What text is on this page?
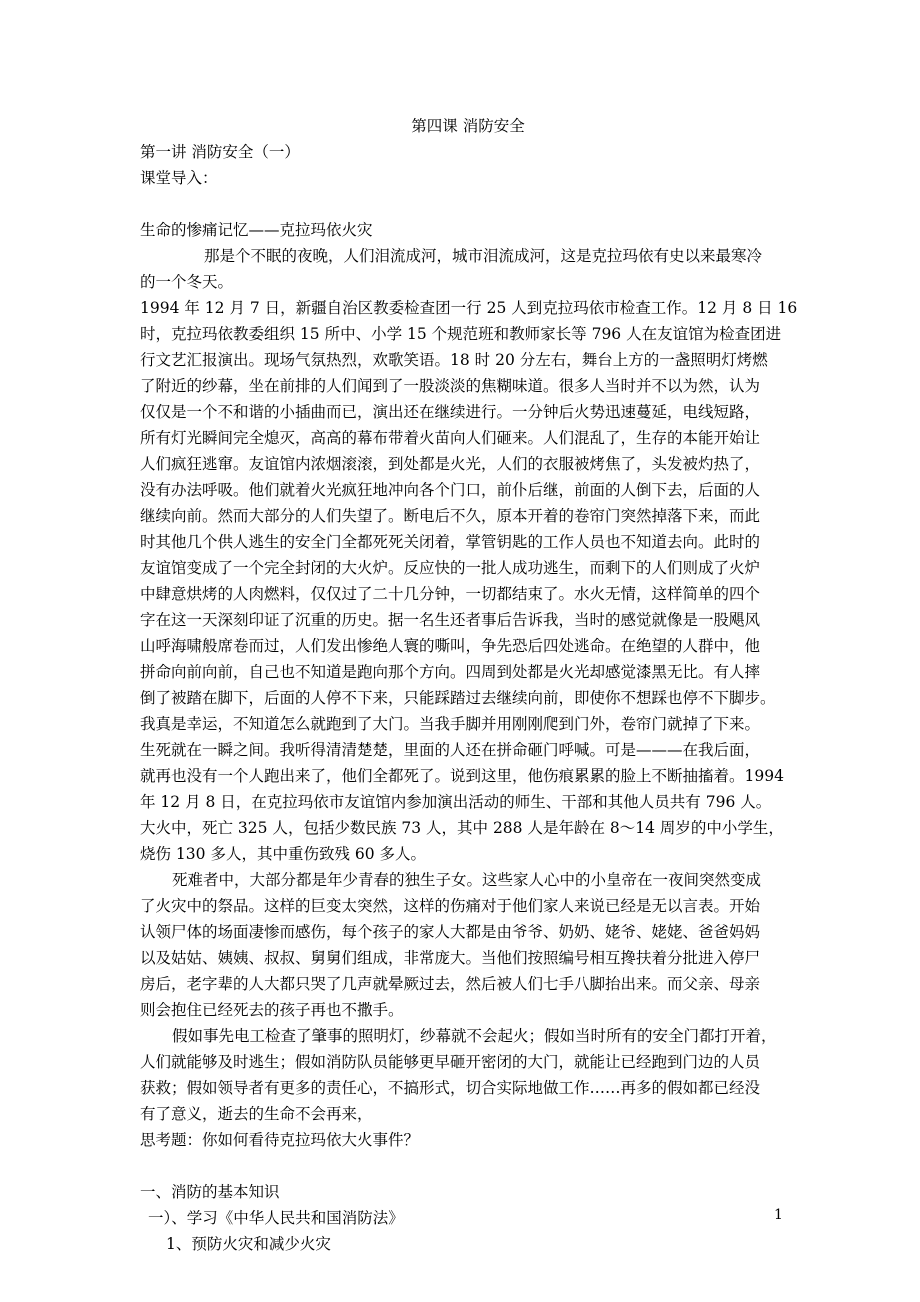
第四课 消防安全
第一讲 消防安全（一）
课堂导入：
生命的惨痛记忆——克拉玛依火灾
那是个不眠的夜晚，人们泪流成河，城市泪流成河，这是克拉玛依有史以来最寒冷
的一个冬天。
1994 年 12 月 7 日，新疆自治区教委检查团一行 25 人到克拉玛依市检查工作。12 月 8 日 16
时，克拉玛依教委组织 15 所中、小学 15 个规范班和教师家长等 796 人在友谊馆为检查团进
行文艺汇报演出。现场气氛热烈，欢歌笑语。18 时 20 分左右，舞台上方的一盏照明灯烤燃
了附近的纱幕，坐在前排的人们闻到了一股淡淡的焦糊味道。很多人当时并不以为然，认为
仅仅是一个不和谐的小插曲而已，演出还在继续进行。一分钟后火势迅速蔓延，电线短路，
所有灯光瞬间完全熄灭，高高的幕布带着火苗向人们砸来。人们混乱了，生存的本能开始让
人们疯狂逃窜。友谊馆内浓烟滚滚，到处都是火光，人们的衣服被烤焦了，头发被灼热了，
没有办法呼吸。他们就着火光疯狂地冲向各个门口，前仆后继，前面的人倒下去，后面的人
继续向前。然而大部分的人们失望了。断电后不久，原本开着的卷帘门突然掉落下来，而此
时其他几个供人逃生的安全门全都死死关闭着，掌管钥匙的工作人员也不知道去向。此时的
友谊馆变成了一个完全封闭的大火炉。反应快的一批人成功逃生，而剩下的人们则成了火炉
中肆意烘烤的人肉燃料，仅仅过了二十几分钟，一切都结束了。水火无情，这样简单的四个
字在这一天深刻印证了沉重的历史。据一名生还者事后告诉我，当时的感觉就像是一股飓风
山呼海啸般席卷而过，人们发出惨绝人寰的嘶叫，争先恐后四处逃命。在绝望的人群中，他
拼命向前向前，自己也不知道是跑向那个方向。四周到处都是火光却感觉漆黑无比。有人摔
倒了被踏在脚下，后面的人停不下来，只能踩踏过去继续向前，即使你不想踩也停不下脚步。
我真是幸运，不知道怎么就跑到了大门。当我手脚并用刚刚爬到门外，卷帘门就掉了下来。
生死就在一瞬之间。我听得清清楚楚，里面的人还在拼命砸门呼喊。可是———在我后面，
就再也没有一个人跑出来了，他们全都死了。说到这里，他伤痕累累的脸上不断抽搐着。1994
年 12 月 8 日，在克拉玛依市友谊馆内参加演出活动的师生、干部和其他人员共有 796 人。
大火中，死亡 325 人，包括少数民族 73 人，其中 288 人是年龄在 8～14 周岁的中小学生，
烧伤 130 多人，其中重伤致残 60 多人。
死难者中，大部分都是年少青春的独生子女。这些家人心中的小皇帝在一夜间突然变成
了火灾中的祭品。这样的巨变太突然，这样的伤痛对于他们家人来说已经是无以言表。开始
认领尸体的场面凄惨而感伤，每个孩子的家人大都是由爷爷、奶奶、姥爷、姥姥、爸爸妈妈
以及姑姑、姨姨、叔叔、舅舅们组成，非常庞大。当他们按照编号相互搀扶着分批进入停尸
房后，老字辈的人大都只哭了几声就晕厥过去，然后被人们七手八脚抬出来。而父亲、母亲
则会抱住已经死去的孩子再也不撒手。
假如事先电工检查了肇事的照明灯，纱幕就不会起火；假如当时所有的安全门都打开着，
人们就能够及时逃生；假如消防队员能够更早砸开密闭的大门，就能让已经跑到门边的人员
获救；假如领导者有更多的责任心，不搞形式，切合实际地做工作……再多的假如都已经没
有了意义，逝去的生命不会再来，
思考题：你如何看待克拉玛依大火事件？
一、消防的基本知识
一）、学习《中华人民共和国消防法》
1、预防火灾和减少火灾
1
